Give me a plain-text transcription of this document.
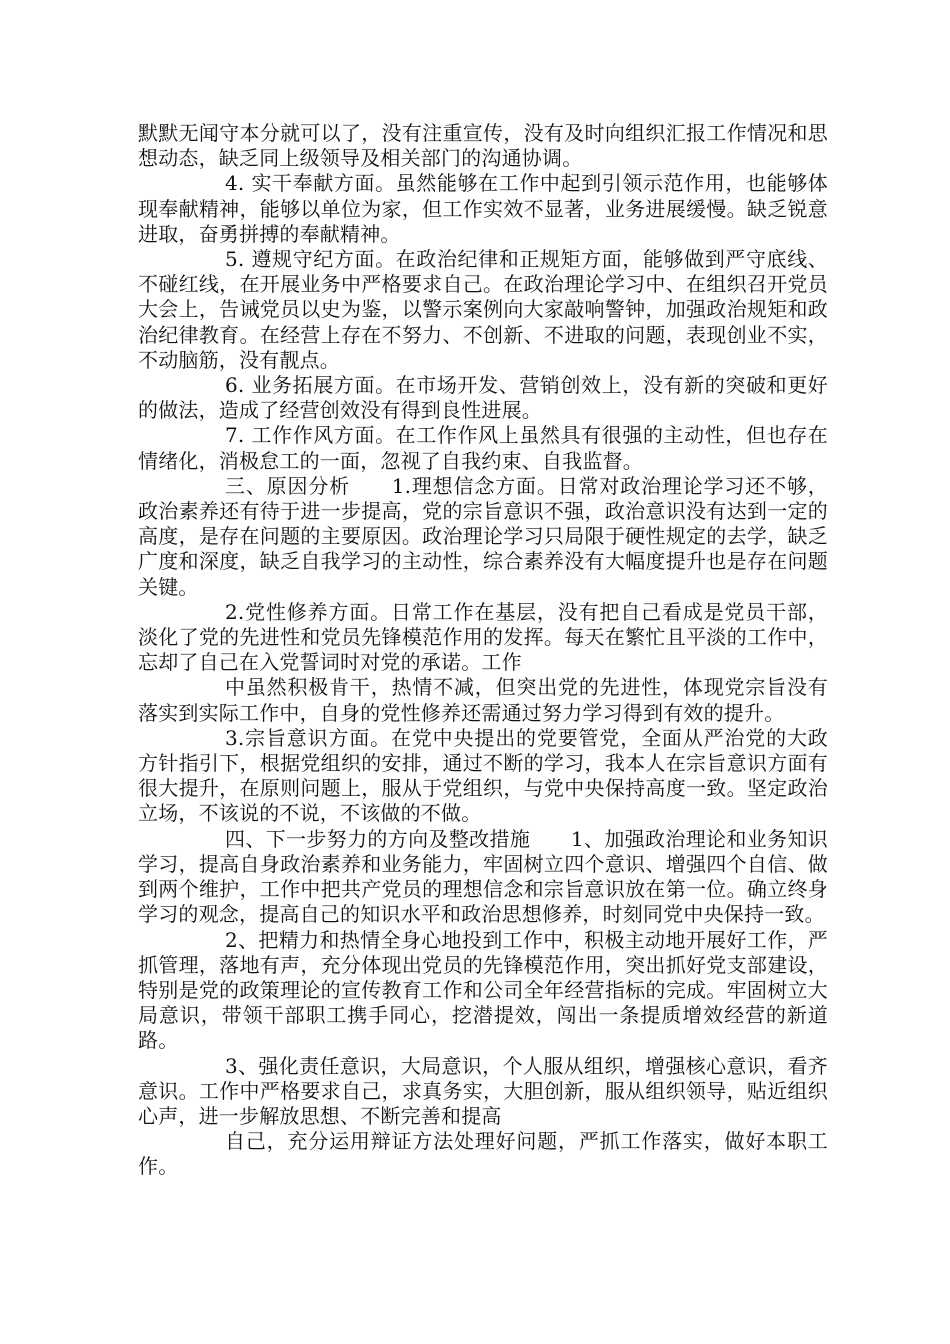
默默无闻守本分就可以了，没有注重宣传，没有及时向组织汇报工作情况和思想动态，缺乏同上级领导及相关部门的沟通协调。

4. 实干奉献方面。虽然能够在工作中起到引领示范作用，也能够体现奉献精神，能够以单位为家，但工作实效不显著，业务进展缓慢。缺乏锐意进取，奋勇拼搏的奉献精神。

5. 遵规守纪方面。在政治纪律和正规矩方面，能够做到严守底线、不碰红线，在开展业务中严格要求自己。在政治理论学习中、在组织召开党员大会上，告诫党员以史为鉴，以警示案例向大家敲响警钟，加强政治规矩和政治纪律教育。在经营上存在不努力、不创新、不进取的问题，表现创业不实，不动脑筋，没有靓点。

6. 业务拓展方面。在市场开发、营销创效上，没有新的突破和更好的做法，造成了经营创效没有得到良性进展。

7. 工作作风方面。在工作作风上虽然具有很强的主动性，但也存在情绪化，消极怠工的一面，忽视了自我约束、自我监督。

三、原因分析　　1.理想信念方面。日常对政治理论学习还不够，政治素养还有待于进一步提高，党的宗旨意识不强，政治意识没有达到一定的高度，是存在问题的主要原因。政治理论学习只局限于硬性规定的去学，缺乏广度和深度，缺乏自我学习的主动性，综合素养没有大幅度提升也是存在问题关键。

2.党性修养方面。日常工作在基层，没有把自己看成是党员干部，淡化了党的先进性和党员先锋模范作用的发挥。每天在繁忙且平淡的工作中，忘却了自己在入党誓词时对党的承诺。工作

中虽然积极肯干，热情不减，但突出党的先进性，体现党宗旨没有落实到实际工作中，自身的党性修养还需通过努力学习得到有效的提升。

3.宗旨意识方面。在党中央提出的党要管党，全面从严治党的大政方针指引下，根据党组织的安排，通过不断的学习，我本人在宗旨意识方面有很大提升，在原则问题上，服从于党组织，与党中央保持高度一致。坚定政治立场，不该说的不说，不该做的不做。

四、下一步努力的方向及整改措施　　1、加强政治理论和业务知识学习，提高自身政治素养和业务能力，牢固树立四个意识、增强四个自信、做到两个维护，工作中把共产党员的理想信念和宗旨意识放在第一位。确立终身学习的观念，提高自己的知识水平和政治思想修养，时刻同党中央保持一致。

2、把精力和热情全身心地投到工作中，积极主动地开展好工作，严抓管理，落地有声，充分体现出党员的先锋模范作用，突出抓好党支部建设，特别是党的政策理论的宣传教育工作和公司全年经营指标的完成。牢固树立大局意识，带领干部职工携手同心，挖潜提效，闯出一条提质增效经营的新道路。

3、强化责任意识，大局意识，个人服从组织，增强核心意识，看齐意识。工作中严格要求自己，求真务实，大胆创新，服从组织领导，贴近组织心声，进一步解放思想、不断完善和提高

自己，充分运用辩证方法处理好问题，严抓工作落实，做好本职工作。
